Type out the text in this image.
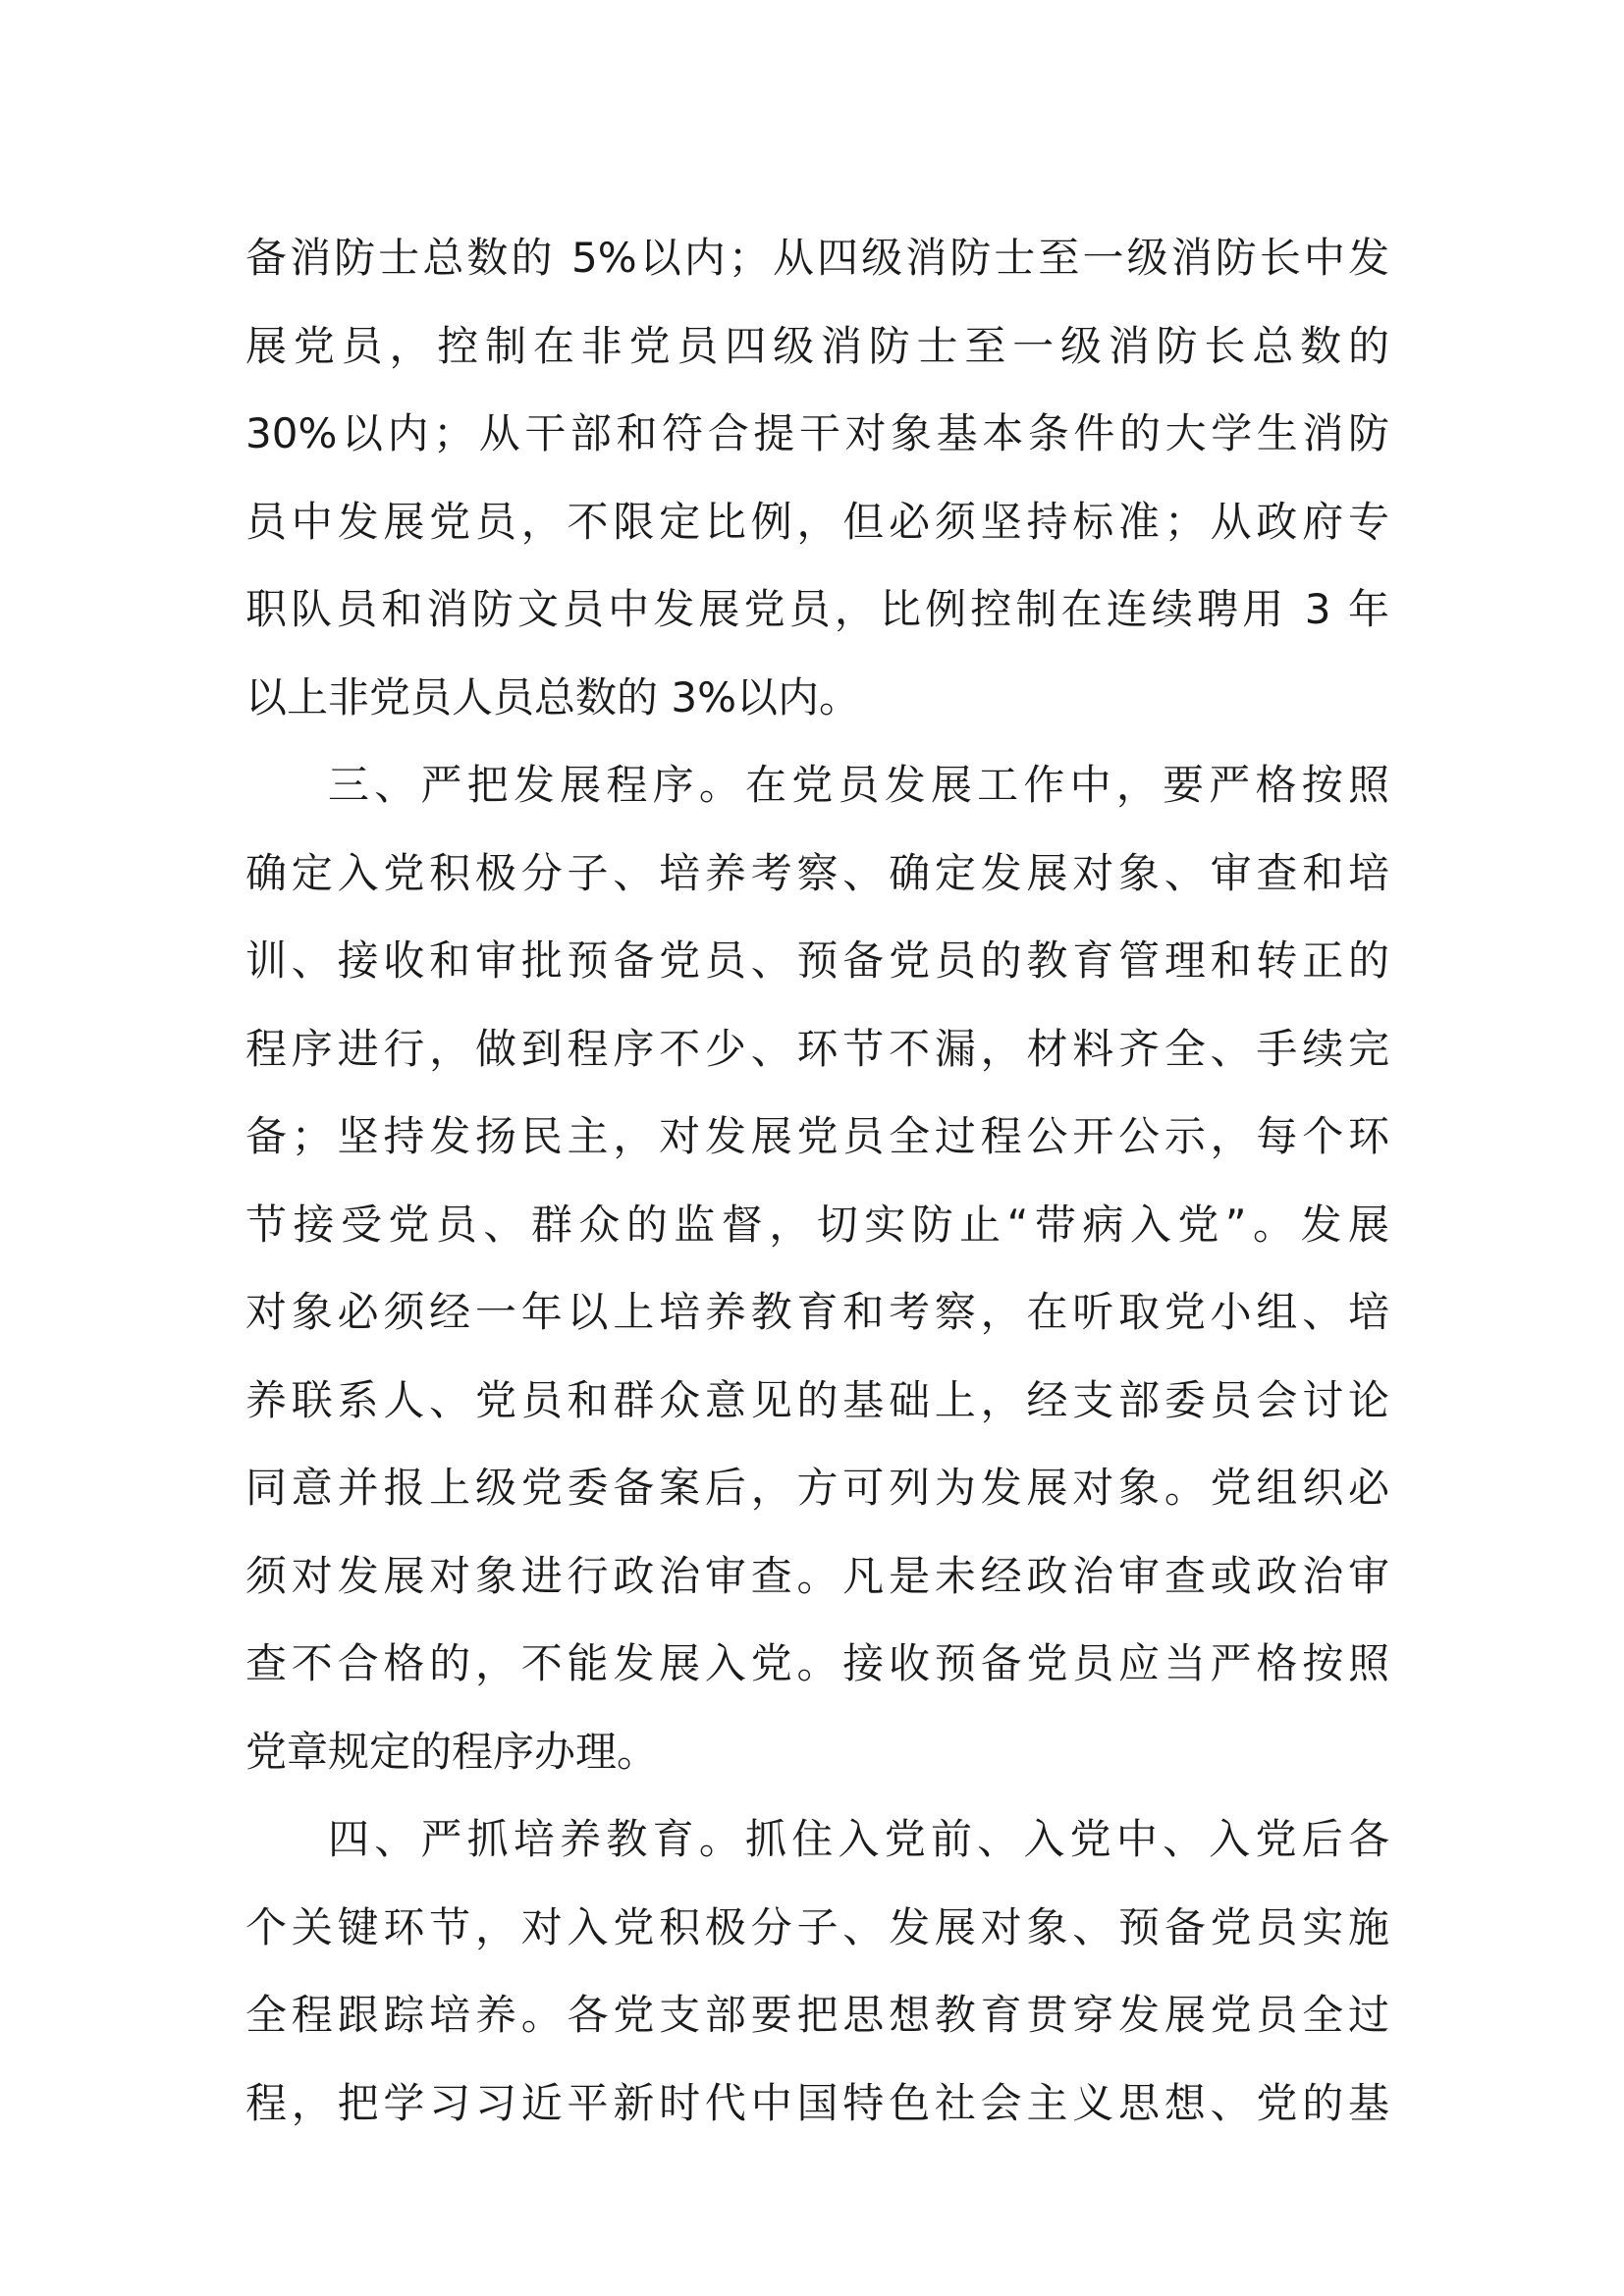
备消防士总数的 5%以内；从四级消防士至一级消防长中发
展党员，控制在非党员四级消防士至一级消防长总数的
30%以内；从干部和符合提干对象基本条件的大学生消防
员中发展党员，不限定比例，但必须坚持标准；从政府专
职队员和消防文员中发展党员，比例控制在连续聘用 3 年
以上非党员人员总数的 3%以内。
三、严把发展程序。在党员发展工作中，要严格按照
确定入党积极分子、培养考察、确定发展对象、审查和培
训、接收和审批预备党员、预备党员的教育管理和转正的
程序进行，做到程序不少、环节不漏，材料齐全、手续完
备；坚持发扬民主，对发展党员全过程公开公示，每个环
节接受党员、群众的监督，切实防止“带病入党”。发展
对象必须经一年以上培养教育和考察，在听取党小组、培
养联系人、党员和群众意见的基础上，经支部委员会讨论
同意并报上级党委备案后，方可列为发展对象。党组织必
须对发展对象进行政治审查。凡是未经政治审查或政治审
查不合格的，不能发展入党。接收预备党员应当严格按照
党章规定的程序办理。
四、严抓培养教育。抓住入党前、入党中、入党后各
个关键环节，对入党积极分子、发展对象、预备党员实施
全程跟踪培养。各党支部要把思想教育贯穿发展党员全过
程，把学习习近平新时代中国特色社会主义思想、党的基
